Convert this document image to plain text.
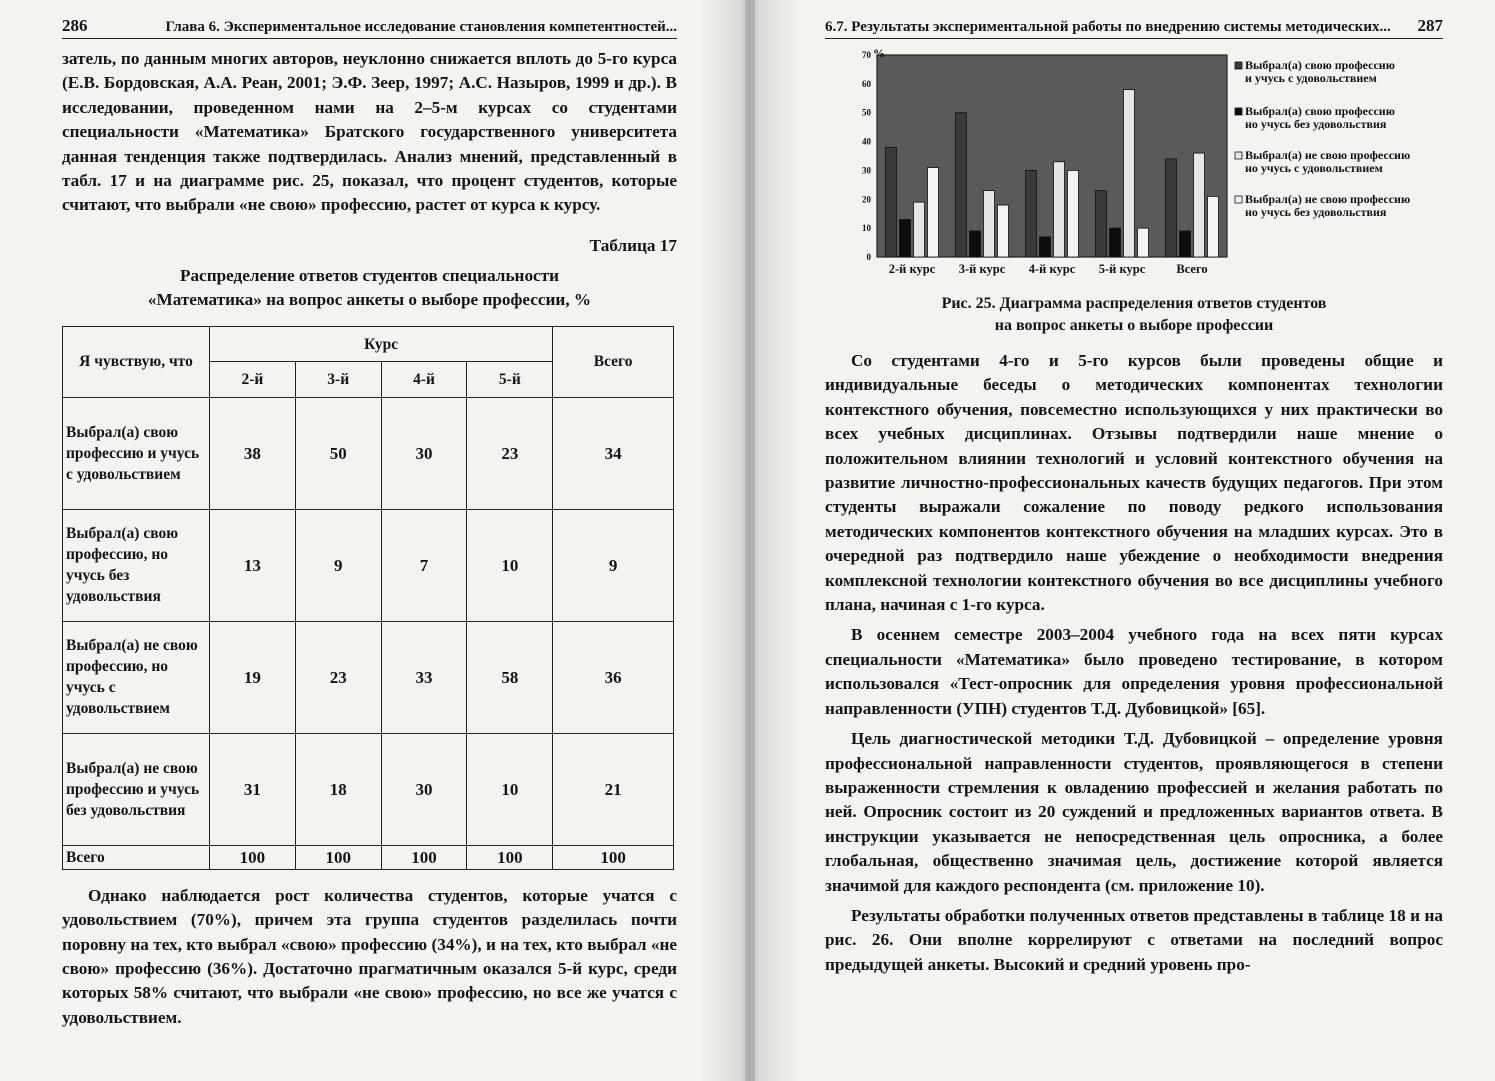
286	Глава 6. Экспериментальное исследование становления компетентностей...

затель, по данным многих авторов, неуклонно снижается вплоть до 5-го курса (Е.В. Бордовская, А.А. Реан, 2001; Э.Ф. Зеер, 1997; А.С. Назыров, 1999 и др.). В исследовании, проведенном нами на 2–5-м курсах со студентами специальности «Математика» Братского государственного университета данная тенденция также подтвердилась. Анализ мнений, представленный в табл. 17 и на диаграмме рис. 25, показал, что процент студентов, которые считают, что выбрали «не свою» профессию, растет от курса к курсу.

Таблица 17
Распределение ответов студентов специальности
«Математика» на вопрос анкеты о выборе профессии, %
Я чувствую, что	Курс				Всего
	2-й	3-й	4-й	5-й	
Выбрал(а) свою профессию и учусь с удовольствием	38	50	30	23	34
Выбрал(а) свою профессию, но учусь без удовольствия	13	9	7	10	9
Выбрал(а) не свою профессию, но учусь с удовольствием	19	23	33	58	36
Выбрал(а) не свою профессию и учусь без удовольствия	31	18	30	10	21
Всего	100	100	100	100	100

Однако наблюдается рост количества студентов, которые учатся с удовольствием (70%), причем эта группа студентов разделилась почти поровну на тех, кто выбрал «свою» профессию (34%), и на тех, кто выбрал «не свою» профессию (36%). Достаточно прагматичным оказался 5-й курс, среди которых 58% считают, что выбрали «не свою» профессию, но все же учатся с удовольствием.

6.7. Результаты экспериментальной работы по внедрению системы методических... 287
0
10
20
30
40
50
60
70 %
2-й курс 3-й курс 4-й курс 5-й курс Всего
Выбрал(а) свою профессию
и учусь с удовольствием
Выбрал(а) свою профессию
но учусь без удовольствия
Выбрал(а) не свою профессию
но учусь с удовольствием
Выбрал(а) не свою профессию
но учусь без удовольствия
Рис. 25. Диаграмма распределения ответов студентов
на вопрос анкеты о выборе профессии

Со студентами 4-го и 5-го курсов были проведены общие и индивидуальные беседы о методических компонентах технологии контекстного обучения, повсеместно использующихся у них практически во всех учебных дисциплинах. Отзывы подтвердили наше мнение о положительном влиянии технологий и условий контекстного обучения на развитие личностно-профессиональных качеств будущих педагогов. При этом студенты выражали сожаление по поводу редкого использования методических компонентов контекстного обучения на младших курсах. Это в очередной раз подтвердило наше убеждение о необходимости внедрения комплексной технологии контекстного обучения во все дисциплины учебного плана, начиная с 1-го курса.

В осеннем семестре 2003–2004 учебного года на всех пяти курсах специальности «Математика» было проведено тестирование, в котором использовался «Тест-опросник для определения уровня профессиональной направленности (УПН) студентов Т.Д. Дубовицкой» [65].

Цель диагностической методики Т.Д. Дубовицкой – определение уровня профессиональной направленности студентов, проявляющегося в степени выраженности стремления к овладению профессией и желания работать по ней. Опросник состоит из 20 суждений и предложенных вариантов ответа. В инструкции указывается не непосредственная цель опросника, а более глобальная, общественно значимая цель, достижение которой является значимой для каждого респондента (см. приложение 10).

Результаты обработки полученных ответов представлены в таблице 18 и на рис. 26. Они вполне коррелируют с ответами на последний вопрос предыдущей анкеты. Высокий и средний уровень про-
